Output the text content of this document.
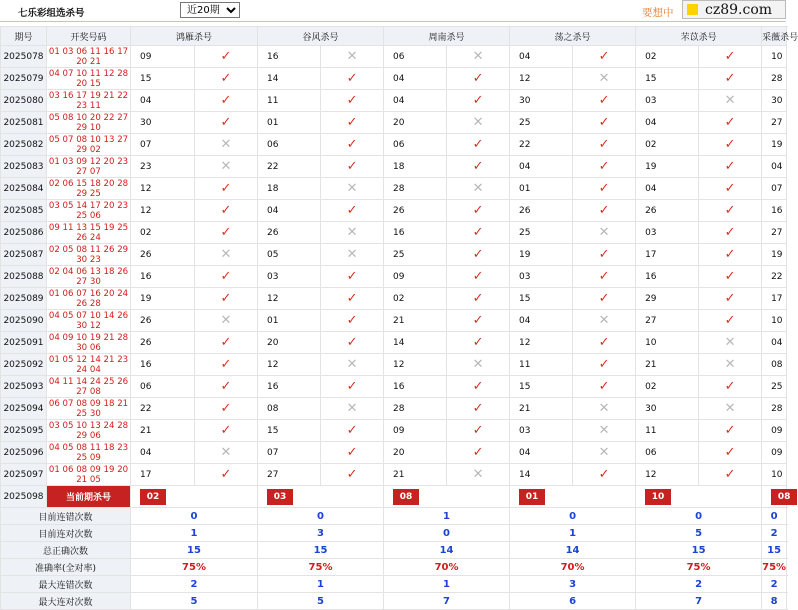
七乐彩组选杀号
近20期	要想中	cz89.com
期号	开奖号码	鸿雁杀号		谷风杀号		周南杀号		荡之杀号		芣苡杀号		采薇杀号					
2025078	01 03 06 11 16 17 20 21	09	✓	16	✕	06	✕	04	✓	02	✓	10										
2025079	04 07 10 11 12 28 20 15	15	✓	14	✓	04	✓	12	✕	15	✓	28										
2025080	03 16 17 19 21 22 23 11	04	✓	11	✓	04	✓	30	✓	03	✕	30										
2025081	05 08 10 20 22 27 29 10	30	✓	01	✓	20	✕	25	✓	04	✓	27										
2025082	05 07 08 10 13 27 29 02	07	✕	06	✓	06	✓	22	✓	02	✓	19										
2025083	01 03 09 12 20 23 27 07	23	✕	22	✓	18	✓	04	✓	19	✓	04										
2025084	02 06 15 18 20 28 29 25	12	✓	18	✕	28	✕	01	✓	04	✓	07										
2025085	03 05 14 17 20 23 25 06	12	✓	04	✓	26	✓	26	✓	26	✓	16										
2025086	09 11 13 15 19 25 26 24	02	✓	26	✕	16	✓	25	✕	03	✓	27										
2025087	02 05 08 11 26 29 30 23	26	✕	05	✕	25	✓	19	✓	17	✓	19										
2025088	02 04 06 13 18 26 27 30	16	✓	03	✓	09	✓	03	✓	16	✓	22										
2025089	01 06 07 16 20 24 26 28	19	✓	12	✓	02	✓	15	✓	29	✓	17										
2025090	04 05 07 10 14 26 30 12	26	✕	01	✓	21	✓	04	✕	27	✓	10										
2025091	04 09 10 19 21 28 30 06	26	✓	20	✓	14	✓	12	✓	10	✕	04										
2025092	01 05 12 14 21 23 24 04	16	✓	12	✕	12	✕	11	✓	21	✕	08										
2025093	04 11 14 24 25 26 27 08	06	✓	16	✓	16	✓	15	✓	02	✓	25										
2025094	06 07 08 09 18 21 25 30	22	✓	08	✕	28	✓	21	✕	30	✕	28										
2025095	03 05 10 13 24 28 29 06	21	✓	15	✓	09	✓	03	✕	11	✓	09										
2025096	04 05 08 11 18 23 25 09	04	✕	07	✓	20	✓	04	✕	06	✓	09										
2025097	01 06 08 09 19 20 21 05	17	✓	27	✓	21	✕	14	✓	12	✓	10										
2025098	当前期杀号	02		03		08		01		10		08					
目前连错次数		0		0		1		0		0		0					
目前连对次数		1		3		0		1		5		2					
总正确次数		15		15		14		14		15		15					
准确率(全对率)		75%		75%		70%		70%		75%		75%					
最大连错次数		2		1		1		3		2		2					
最大连对次数		5		5		7		6		7		8					
